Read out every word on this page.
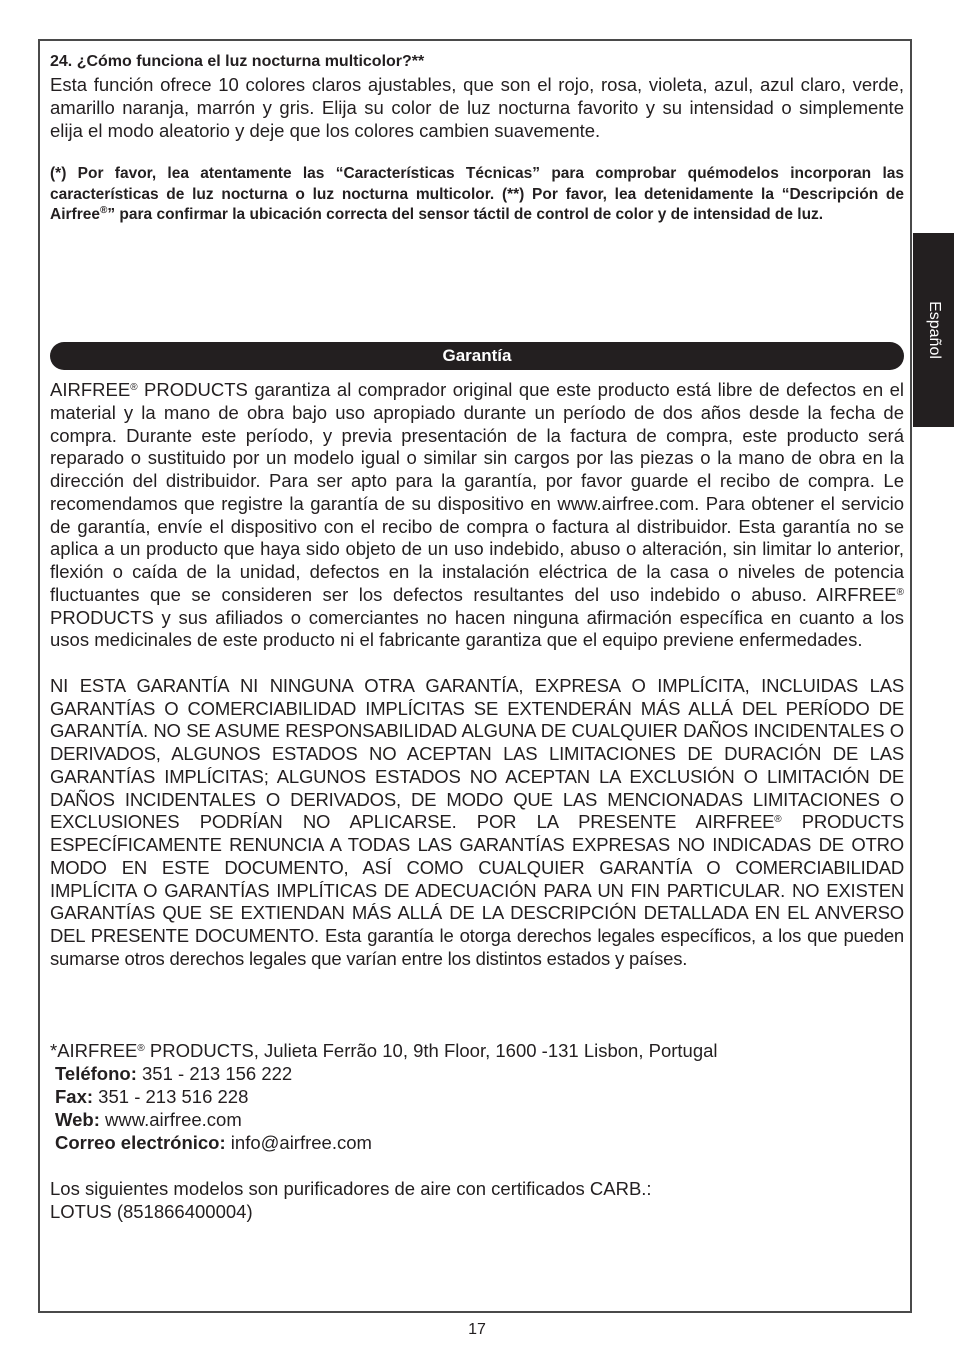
24. ¿Cómo funciona el luz nocturna multicolor?**
Esta función ofrece 10 colores claros ajustables, que son el rojo, rosa, violeta, azul, azul claro, verde, amarillo naranja, marrón y gris. Elija su color de luz nocturna favorito y su intensidad o simplemente elija el modo aleatorio y deje que los colores cambien suavemente.
(*) Por favor, lea atentamente las “Características Técnicas” para comprobar quémodelos incorporan las características de luz nocturna o luz nocturna multicolor. (**) Por favor, lea detenidamente la “Descripción de Airfree®” para confirmar la ubicación correcta del sensor táctil de control de color y de intensidad de luz.
Garantía

AIRFREE® PRODUCTS garantiza al comprador original que este producto está libre de defectos en el material y la mano de obra bajo uso apropiado durante un período de dos años desde la fecha de compra. Durante este período, y previa presentación de la factura de compra, este producto será reparado o sustituido por un modelo igual o similar sin cargos por las piezas o la mano de obra en la dirección del distribuidor. Para ser apto para la garantía, por favor guarde el recibo de compra. Le recomendamos que registre la garantía de su dispositivo en www.airfree.com. Para obtener el servicio de garantía, envíe el dispositivo con el recibo de compra o factura al distribuidor. Esta garantía no se aplica a un producto que haya sido objeto de un uso indebido, abuso o alteración, sin limitar lo anterior, flexión o caída de la unidad, defectos en la instalación eléctrica de la casa o niveles de potencia fluctuantes que se consideren ser los defectos resultantes del uso indebido o abuso. AIRFREE® PRODUCTS y sus afiliados o comerciantes no hacen ninguna afirmación específica en cuanto a los usos medicinales de este producto ni el fabricante garantiza que el equipo previene enfermedades.

NI ESTA GARANTÍA NI NINGUNA OTRA GARANTÍA, EXPRESA O IMPLÍCITA, INCLUIDAS LAS GARANTÍAS O COMERCIABILIDAD IMPLÍCITAS SE EXTENDERÁN MÁS ALLÁ DEL PERÍODO DE GARANTÍA. NO SE ASUME RESPONSABILIDAD ALGUNA DE CUALQUIER DAÑOS INCIDENTALES O DERIVADOS, ALGUNOS ESTADOS NO ACEPTAN LAS LIMITACIONES DE DURACIÓN DE LAS GARANTÍAS IMPLÍCITAS; ALGUNOS ESTADOS NO ACEPTAN LA EXCLUSIÓN O LIMITACIÓN DE DAÑOS INCIDENTALES O DERIVADOS, DE MODO QUE LAS MENCIONADAS LIMITACIONES O EXCLUSIONES PODRÍAN NO APLICARSE. POR LA PRESENTE AIRFREE® PRODUCTS ESPECÍFICAMENTE RENUNCIA A TODAS LAS GARANTÍAS EXPRESAS NO INDICADAS DE OTRO MODO EN ESTE DOCUMENTO, ASÍ COMO CUALQUIER GARANTÍA O COMERCIABILIDAD IMPLÍCITA O GARANTÍAS IMPLÍTICAS DE ADECUACIÓN PARA UN FIN PARTICULAR. NO EXISTEN GARANTÍAS QUE SE EXTIENDAN MÁS ALLÁ DE LA DESCRIPCIÓN DETALLADA EN EL ANVERSO DEL PRESENTE DOCUMENTO. Esta garantía le otorga derechos legales específicos, a los que pueden sumarse otros derechos legales que varían entre los distintos estados y países.

*AIRFREE® PRODUCTS, Julieta Ferrão 10, 9th Floor, 1600 -131 Lisbon, Portugal
Teléfono: 351 - 213 156 222
Fax: 351 - 213 516 228
Web: www.airfree.com
Correo electrónico: info@airfree.com
Los siguientes modelos son purificadores de aire con certificados CARB.:
LOTUS (851866400004)
Español
17
